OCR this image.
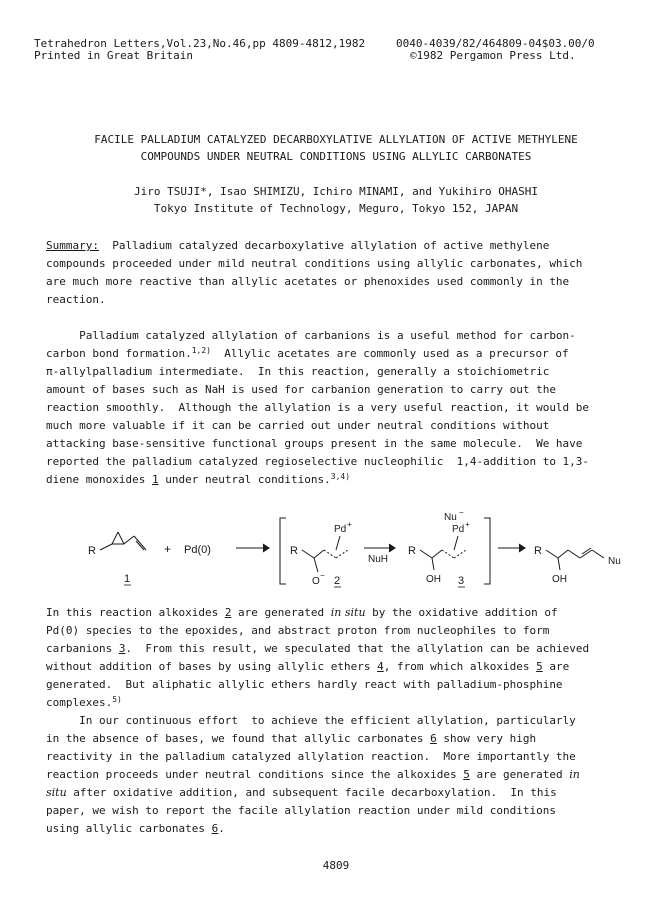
Tetrahedron Letters,Vol.23,No.46,pp 4809-4812,1982
Printed in Great Britain
0040-4039/82/464809-04$03.00/0
©1982 Pergamon Press Ltd.
FACILE PALLADIUM CATALYZED DECARBOXYLATIVE ALLYLATION OF ACTIVE METHYLENE
COMPOUNDS UNDER NEUTRAL CONDITIONS USING ALLYLIC CARBONATES
Jiro TSUJI*, Isao SHIMIZU, Ichiro MINAMI, and Yukihiro OHASHI
Tokyo Institute of Technology, Meguro, Tokyo 152, JAPAN
Summary:  Palladium catalyzed decarboxylative allylation of active methylene
compounds proceeded under mild neutral conditions using allylic carbonates, which
are much more reactive than allylic acetates or phenoxides used commonly in the
reaction.
Palladium catalyzed allylation of carbanions is a useful method for carbon-
carbon bond formation.$^{1,2)}$  Allylic acetates are commonly used as a precursor of
π-allylpalladium intermediate.  In this reaction, generally a stoichiometric
amount of bases such as NaH is used for carbanion generation to carry out the
reaction smoothly.  Although the allylation is a very useful reaction, it would be
much more valuable if it can be carried out under neutral conditions without
attacking base-sensitive functional groups present in the same molecule.  We have
reported the palladium catalyzed regioselective nucleophilic  1,4-addition to 1,3-
diene monoxides 1 under neutral conditions.$^{3,4)}$
R
1
+ Pd(0)	R
Pd +
O
− 2
NuH
Nu −
Pd +
R
OH 3
R
OH
Nu
In this reaction alkoxides 2 are generated in situ by the oxidative addition of
Pd(0) species to the epoxides, and abstract proton from nucleophiles to form
carbanions 3.  From this result, we speculated that the allylation can be achieved
without addition of bases by using allylic ethers 4, from which alkoxides 5 are
generated.  But aliphatic allylic ethers hardly react with palladium-phosphine
complexes.$^{5)}$
In our continuous effort  to achieve the efficient allylation, particularly
in the absence of bases, we found that allylic carbonates 6 show very high
reactivity in the palladium catalyzed allylation reaction.  More importantly the
reaction proceeds under neutral conditions since the alkoxides 5 are generated in
situ after oxidative addition, and subsequent facile decarboxylation.  In this
paper, we wish to report the facile allylation reaction under mild conditions
using allylic carbonates 6.
4809
